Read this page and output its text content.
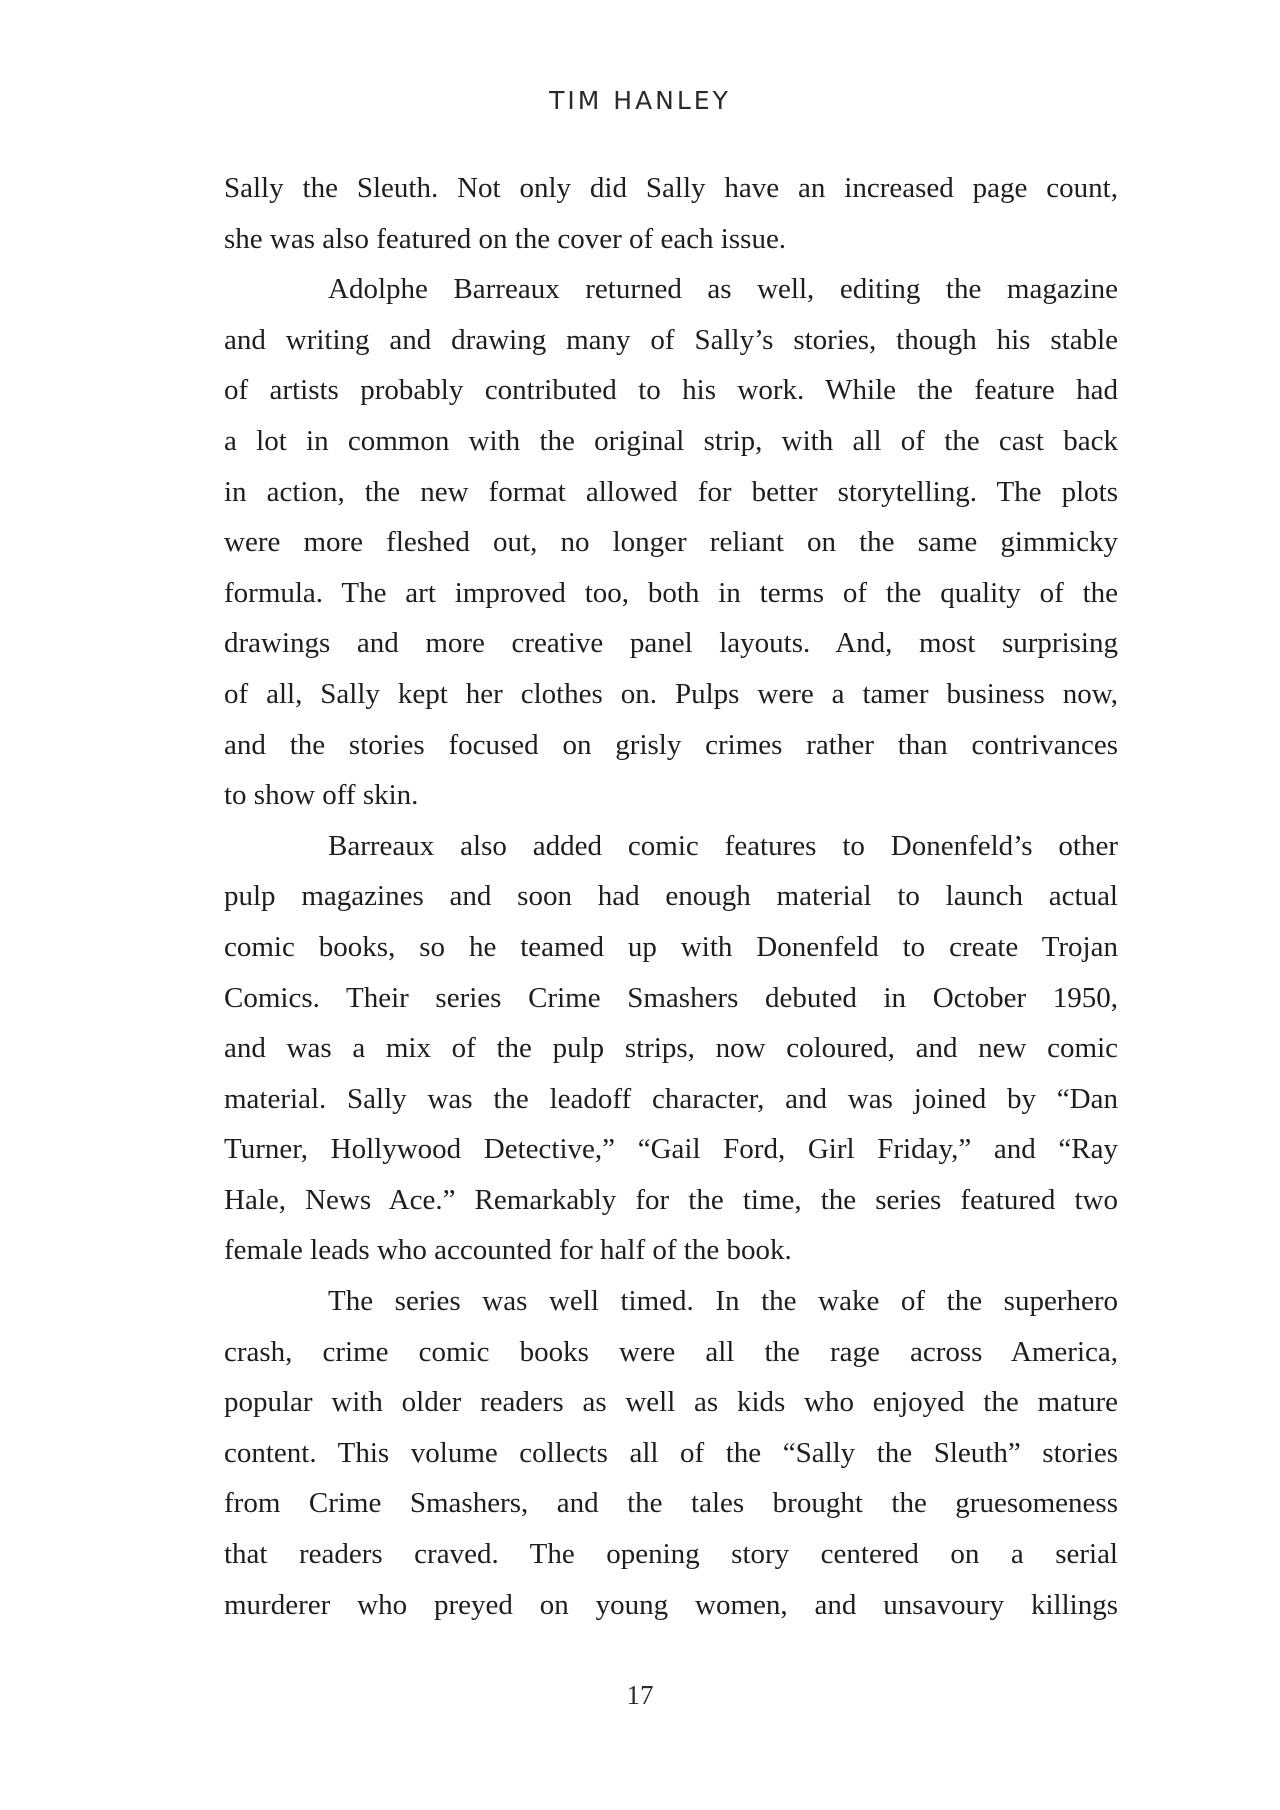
TIM HANLEY

Sally the Sleuth. Not only did Sally have an increased page count,
she was also featured on the cover of each issue.

Adolphe Barreaux returned as well, editing the magazine
and writing and drawing many of Sally’s stories, though his stable
of artists probably contributed to his work. While the feature had
a lot in common with the original strip, with all of the cast back
in action, the new format allowed for better storytelling. The plots
were more fleshed out, no longer reliant on the same gimmicky
formula. The art improved too, both in terms of the quality of the
drawings and more creative panel layouts. And, most surprising
of all, Sally kept her clothes on. Pulps were a tamer business now,
and the stories focused on grisly crimes rather than contrivances
to show off skin.

Barreaux also added comic features to Donenfeld’s other
pulp magazines and soon had enough material to launch actual
comic books, so he teamed up with Donenfeld to create Trojan
Comics. Their series Crime Smashers debuted in October 1950,
and was a mix of the pulp strips, now coloured, and new comic
material. Sally was the leadoff character, and was joined by “Dan
Turner, Hollywood Detective,” “Gail Ford, Girl Friday,” and “Ray
Hale, News Ace.” Remarkably for the time, the series featured two
female leads who accounted for half of the book.

The series was well timed. In the wake of the superhero
crash, crime comic books were all the rage across America,
popular with older readers as well as kids who enjoyed the mature
content. This volume collects all of the “Sally the Sleuth” stories
from Crime Smashers, and the tales brought the gruesomeness
that readers craved. The opening story centered on a serial
murderer who preyed on young women, and unsavoury killings

17
